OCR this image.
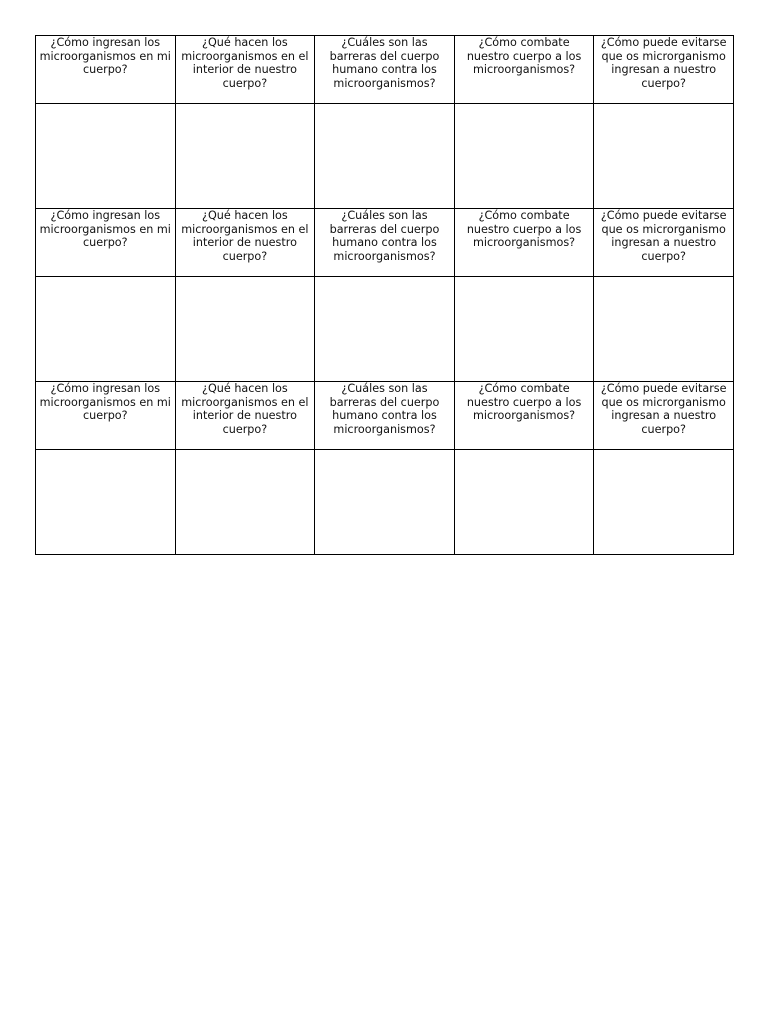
¿Cómo ingresan los microorganismos en mi cuerpo?	¿Qué hacen los microorganismos en el interior de nuestro cuerpo?	¿Cuáles son las barreras del cuerpo humano contra los microorganismos?	¿Cómo combate nuestro cuerpo a los microorganismos?	¿Cómo puede evitarse que os microrganismo ingresan a nuestro cuerpo?

¿Cómo ingresan los microorganismos en mi cuerpo?	¿Qué hacen los microorganismos en el interior de nuestro cuerpo?	¿Cuáles son las barreras del cuerpo humano contra los microorganismos?	¿Cómo combate nuestro cuerpo a los microorganismos?	¿Cómo puede evitarse que os microrganismo ingresan a nuestro cuerpo?

¿Cómo ingresan los microorganismos en mi cuerpo?	¿Qué hacen los microorganismos en el interior de nuestro cuerpo?	¿Cuáles son las barreras del cuerpo humano contra los microorganismos?	¿Cómo combate nuestro cuerpo a los microorganismos?	¿Cómo puede evitarse que os microrganismo ingresan a nuestro cuerpo?
